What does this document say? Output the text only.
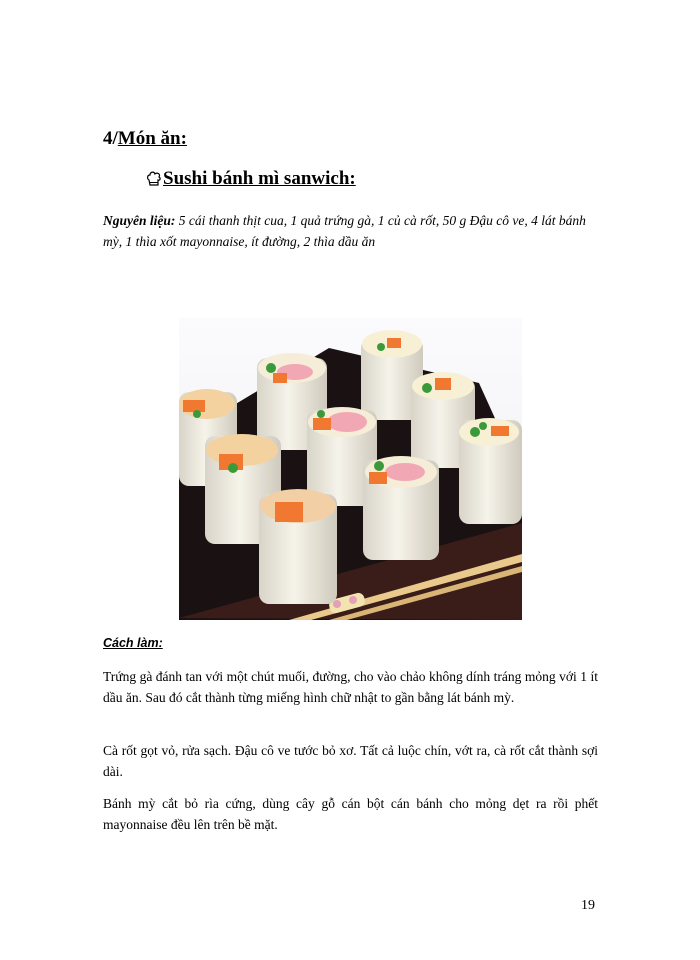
4/Món ăn:
Sushi bánh mì sanwich:

Nguyên liệu: 5 cái thanh thịt cua, 1 quả trứng gà, 1 củ cà rốt, 50 g Đậu cô ve, 4 lát bánh mỳ, 1 thìa xốt mayonnaise, ít đường, 2 thìa dầu ăn

Cách làm:

Trứng gà đánh tan với một chút muối, đường, cho vào chảo không dính tráng mỏng với 1 ít dầu ăn. Sau đó cắt thành từng miếng hình chữ nhật to gần bằng lát bánh mỳ.

Cà rốt gọt vỏ, rửa sạch. Đậu cô ve tước bỏ xơ. Tất cả luộc chín, vớt ra, cà rốt cắt thành sợi dài.

Bánh mỳ cắt bỏ rìa cứng, dùng cây gỗ cán bột cán bánh cho mỏng dẹt ra rồi phết mayonnaise đều lên trên bề mặt.

19
